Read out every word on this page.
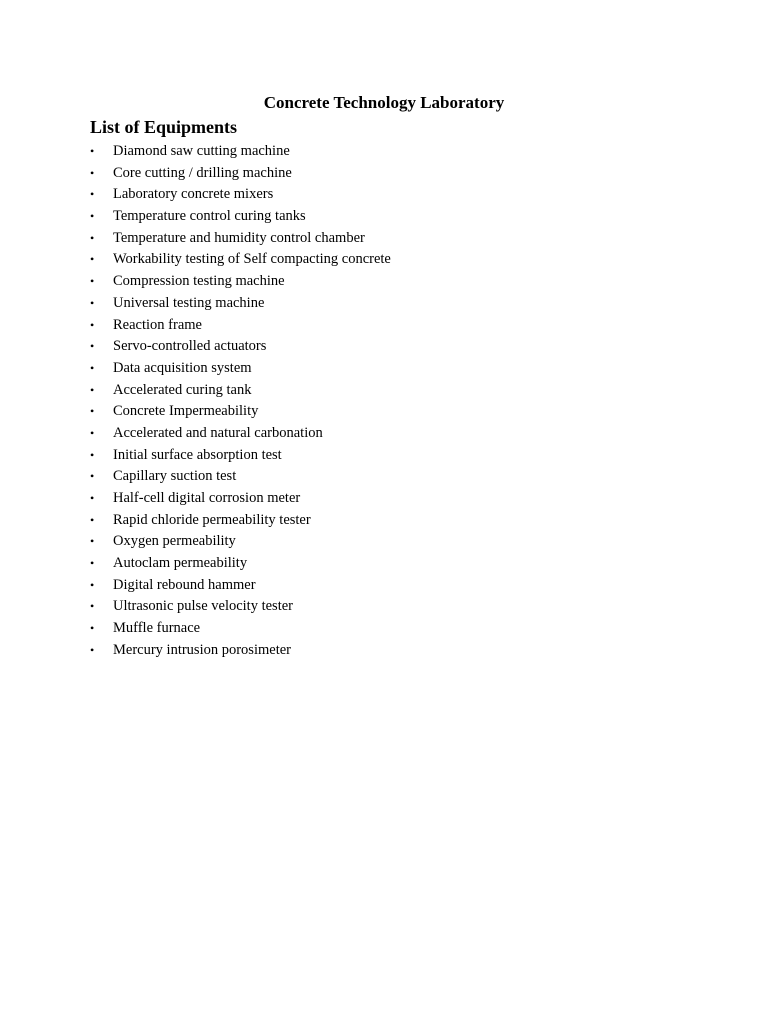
Concrete Technology Laboratory
List of Equipments
• Diamond saw cutting machine
• Core cutting / drilling machine
• Laboratory concrete mixers
• Temperature control curing tanks
• Temperature and humidity control chamber
• Workability testing of Self compacting concrete
• Compression testing machine
• Universal testing machine
• Reaction frame
• Servo-controlled actuators
• Data acquisition system
• Accelerated curing tank
• Concrete Impermeability
• Accelerated and natural carbonation
• Initial surface absorption test
• Capillary suction test
• Half-cell digital corrosion meter
• Rapid chloride permeability tester
• Oxygen permeability
• Autoclam permeability
• Digital rebound hammer
• Ultrasonic pulse velocity tester
• Muffle furnace
• Mercury intrusion porosimeter
